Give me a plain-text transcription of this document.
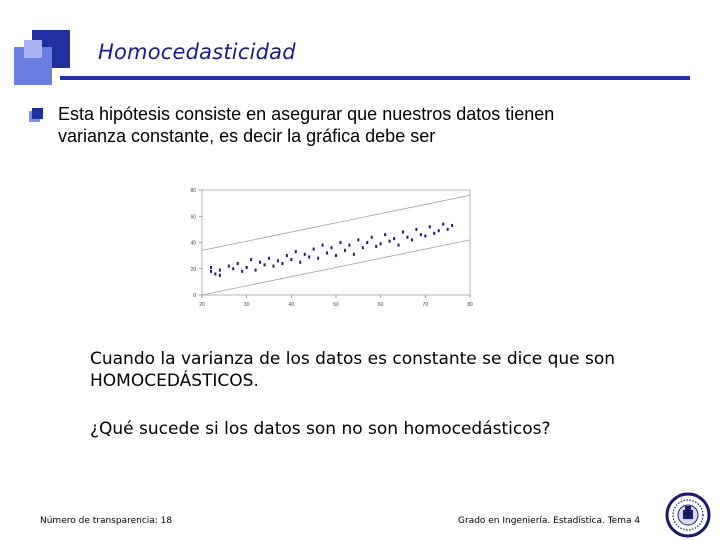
Homocedasticidad
Esta hipótesis consiste en asegurar que nuestros datos tienen varianza constante, es decir la gráfica debe ser
80
60
40
20
0
20	30	40	50	60	70	80
Cuando la varianza de los datos es constante se dice que son HOMOCEDÁSTICOS.
¿Qué sucede si los datos son no son homocedásticos?
Número de transparencia: 18	Grado en Ingeniería. Estadística. Tema 4
